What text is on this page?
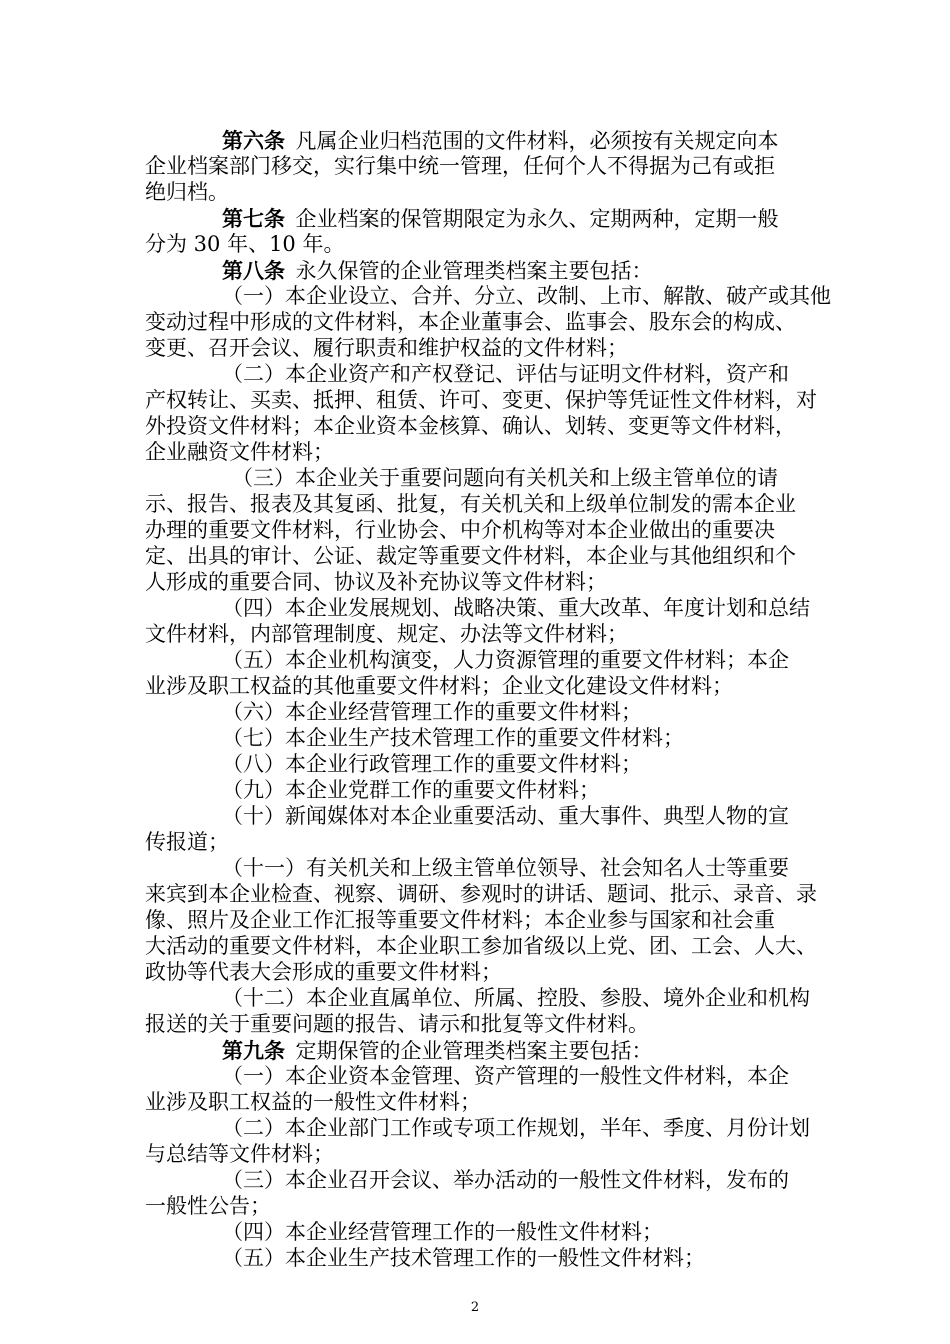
第六条  凡属企业归档范围的文件材料，必须按有关规定向本
企业档案部门移交，实行集中统一管理，任何个人不得据为己有或拒
绝归档。
第七条  企业档案的保管期限定为永久、定期两种，定期一般
分为 30 年、10 年。
第八条  永久保管的企业管理类档案主要包括：
（一）本企业设立、合并、分立、改制、上市、解散、破产或其他
变动过程中形成的文件材料，本企业董事会、监事会、股东会的构成、
变更、召开会议、履行职责和维护权益的文件材料；
（二）本企业资产和产权登记、评估与证明文件材料，资产和
产权转让、买卖、抵押、租赁、许可、变更、保护等凭证性文件材料，对
外投资文件材料；本企业资本金核算、确认、划转、变更等文件材料，
企业融资文件材料；
（三）本企业关于重要问题向有关机关和上级主管单位的请
示、报告、报表及其复函、批复，有关机关和上级单位制发的需本企业
办理的重要文件材料，行业协会、中介机构等对本企业做出的重要决
定、出具的审计、公证、裁定等重要文件材料，本企业与其他组织和个
人形成的重要合同、协议及补充协议等文件材料；
（四）本企业发展规划、战略决策、重大改革、年度计划和总结
文件材料，内部管理制度、规定、办法等文件材料；
（五）本企业机构演变，人力资源管理的重要文件材料；本企
业涉及职工权益的其他重要文件材料；企业文化建设文件材料；
（六）本企业经营管理工作的重要文件材料；
（七）本企业生产技术管理工作的重要文件材料；
（八）本企业行政管理工作的重要文件材料；
（九）本企业党群工作的重要文件材料；
（十）新闻媒体对本企业重要活动、重大事件、典型人物的宣
传报道；
（十一）有关机关和上级主管单位领导、社会知名人士等重要
来宾到本企业检查、视察、调研、参观时的讲话、题词、批示、录音、录
像、照片及企业工作汇报等重要文件材料；本企业参与国家和社会重
大活动的重要文件材料，本企业职工参加省级以上党、团、工会、人大、
政协等代表大会形成的重要文件材料；
（十二）本企业直属单位、所属、控股、参股、境外企业和机构
报送的关于重要问题的报告、请示和批复等文件材料。
第九条  定期保管的企业管理类档案主要包括：
（一）本企业资本金管理、资产管理的一般性文件材料，本企
业涉及职工权益的一般性文件材料；
（二）本企业部门工作或专项工作规划，半年、季度、月份计划
与总结等文件材料；
（三）本企业召开会议、举办活动的一般性文件材料，发布的
一般性公告；
（四）本企业经营管理工作的一般性文件材料；
（五）本企业生产技术管理工作的一般性文件材料；
2
